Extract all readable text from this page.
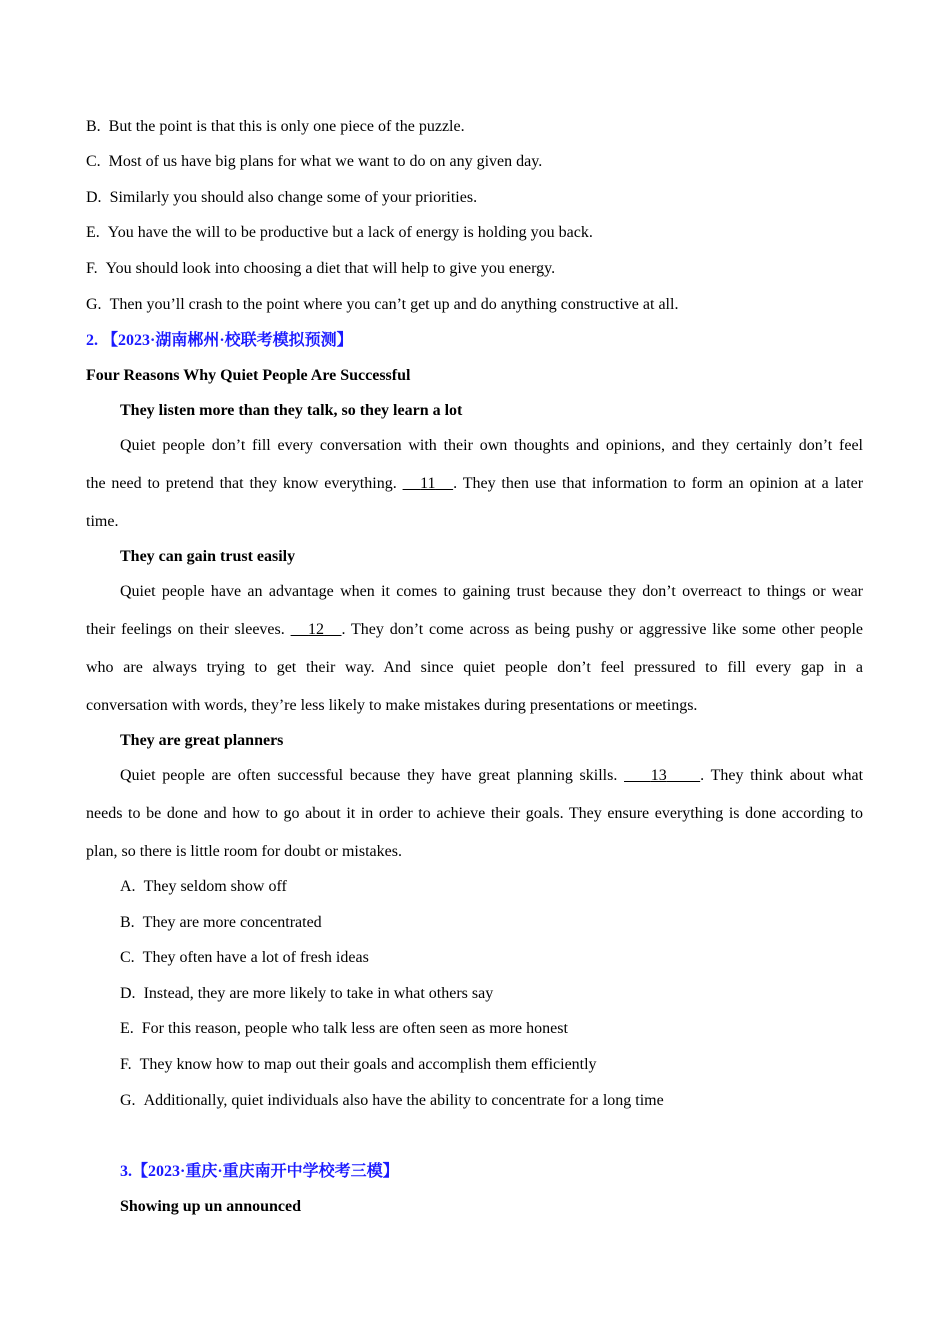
B. But the point is that this is only one piece of the puzzle.
C. Most of us have big plans for what we want to do on any given day.
D. Similarly you should also change some of your priorities.
E. You have the will to be productive but a lack of energy is holding you back.
F. You should look into choosing a diet that will help to give you energy.
G. Then you’ll crash to the point where you can’t get up and do anything constructive at all.
2. 【2023·湖南郴州·校联考模拟预测】
Four Reasons Why Quiet People Are Successful
They listen more than they talk, so they learn a lot
Quiet people don’t fill every conversation with their own thoughts and opinions, and they certainly don’t feel
the need to pretend that they know everything. 11 . They then use that information to form an opinion at a later
time.
They can gain trust easily
Quiet people have an advantage when it comes to gaining trust because they don’t overreact to things or wear
their feelings on their sleeves. 12 . They don’t come across as being pushy or aggressive like some other people
who are always trying to get their way. And since quiet people don’t feel pressured to fill every gap in a
conversation with words, they’re less likely to make mistakes during presentations or meetings.
They are great planners
Quiet people are often successful because they have great planning skills. 13 . They think about what
needs to be done and how to go about it in order to achieve their goals. They ensure everything is done according to
plan, so there is little room for doubt or mistakes.
A. They seldom show off
B. They are more concentrated
C. They often have a lot of fresh ideas
D. Instead, they are more likely to take in what others say
E. For this reason, people who talk less are often seen as more honest
F. They know how to map out their goals and accomplish them efficiently
G. Additionally, quiet individuals also have the ability to concentrate for a long time
3.【2023·重庆·重庆南开中学校考三模】
Showing up un announced
